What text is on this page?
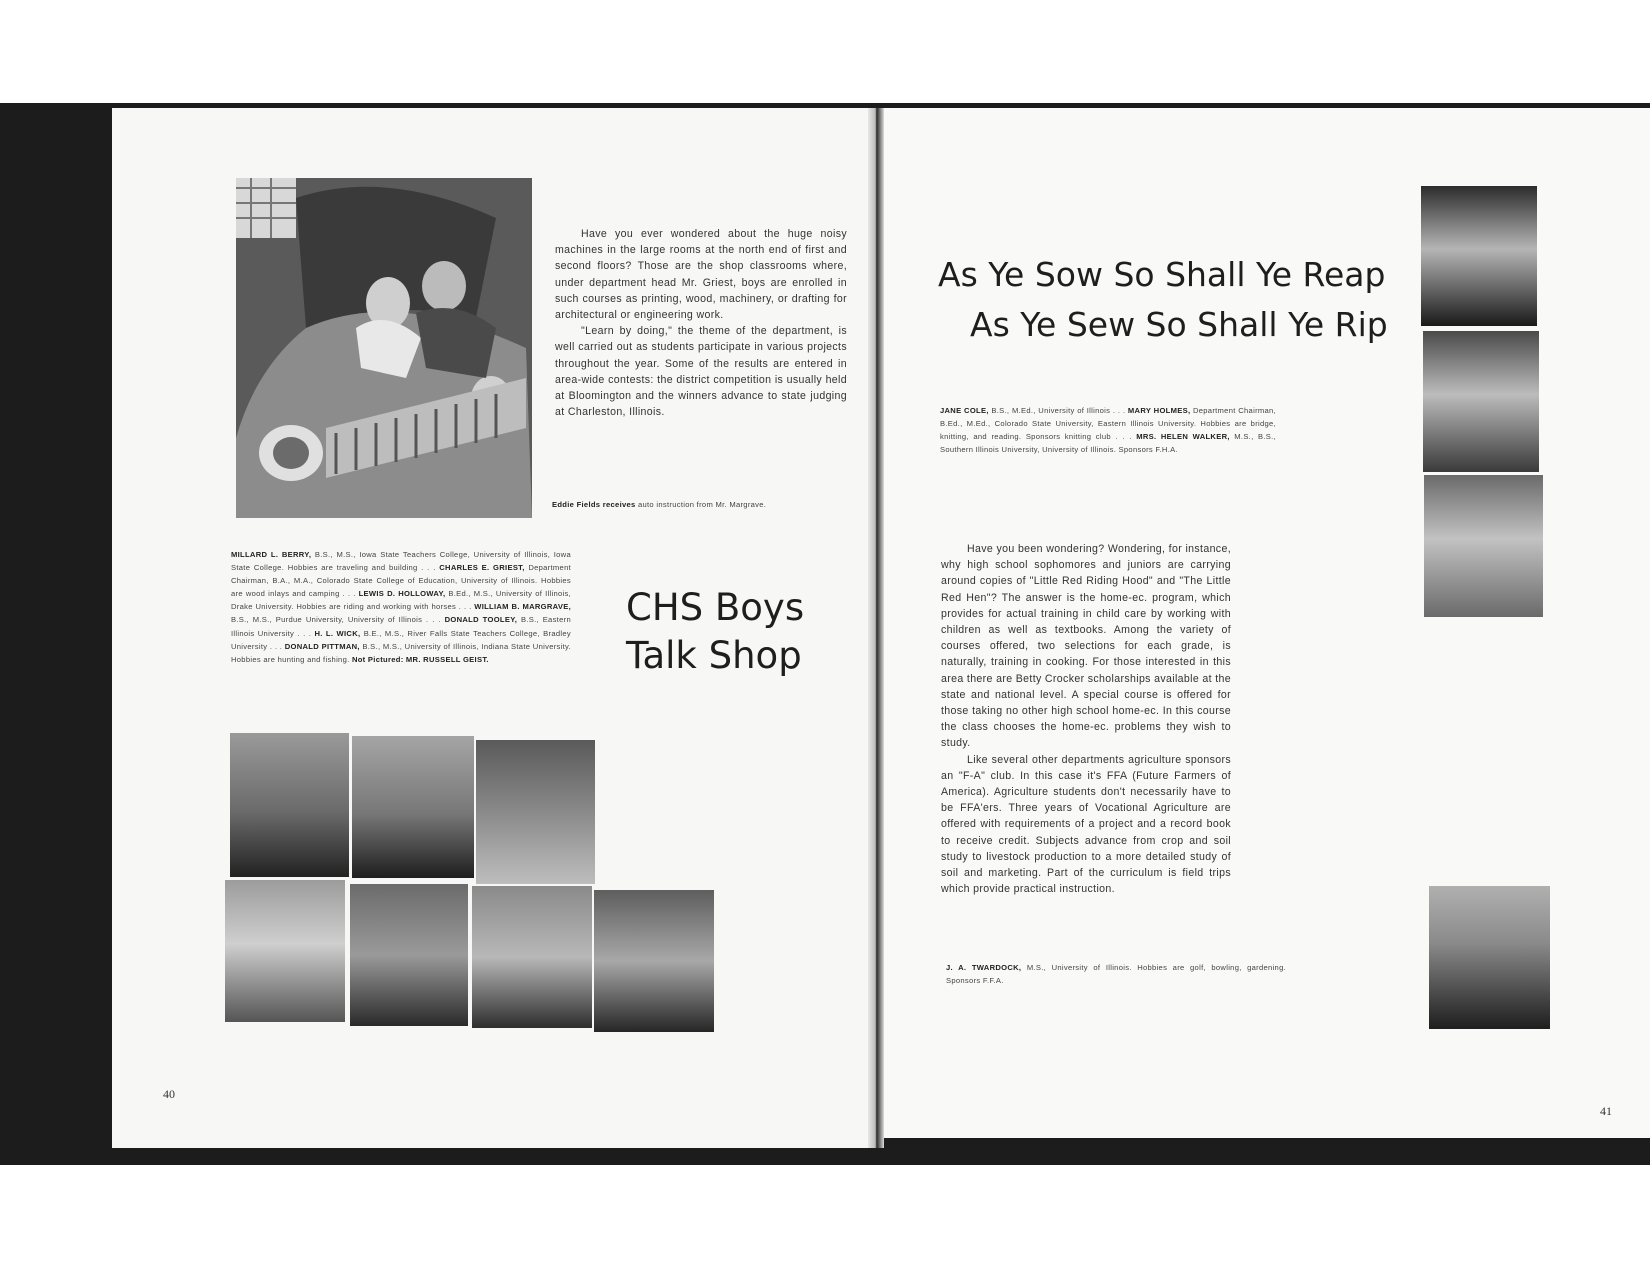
Have you ever wondered about the huge noisy machines in the large rooms at the north end of first and second floors? Those are the shop classrooms where, under department head Mr. Griest, boys are enrolled in such courses as printing, wood, machinery, or drafting for architectural or engineering work.

"Learn by doing," the theme of the department, is well carried out as students participate in various projects throughout the year. Some of the results are entered in area-wide contests: the district competition is usually held at Bloomington and the winners advance to state judging at Charleston, Illinois.

Eddie Fields receives auto instruction from Mr. Margrave.
MILLARD L. BERRY, B.S., M.S., Iowa State Teachers College, University of Illinois, Iowa State College. Hobbies are traveling and building . . . CHARLES E. GRIEST, Department Chairman, B.A., M.A., Colorado State College of Education, University of Illinois. Hobbies are wood inlays and camping . . . LEWIS D. HOLLOWAY, B.Ed., M.S., University of Illinois, Drake University. Hobbies are riding and working with horses . . . WILLIAM B. MARGRAVE, B.S., M.S., Purdue University, University of Illinois . . . DONALD TOOLEY, B.S., Eastern Illinois University . . . H. L. WICK, B.E., M.S., River Falls State Teachers College, Bradley University . . . DONALD PITTMAN, B.S., M.S., University of Illinois, Indiana State University. Hobbies are hunting and fishing. Not Pictured: MR. RUSSELL GEIST.
CHS Boys
Talk Shop
40
As Ye Sow So Shall Ye Reap
As Ye Sew So Shall Ye Rip
JANE COLE, B.S., M.Ed., University of Illinois . . . MARY HOLMES, Department Chairman, B.Ed., M.Ed., Colorado State University, Eastern Illinois University. Hobbies are bridge, knitting, and reading. Sponsors knitting club . . . MRS. HELEN WALKER, M.S., B.S., Southern Illinois University, University of Illinois. Sponsors F.H.A.

Have you been wondering? Wondering, for instance, why high school sophomores and juniors are carrying around copies of "Little Red Riding Hood" and "The Little Red Hen"? The answer is the home-ec. program, which provides for actual training in child care by working with children as well as textbooks. Among the variety of courses offered, two selections for each grade, is naturally, training in cooking. For those interested in this area there are Betty Crocker scholarships available at the state and national level. A special course is offered for those taking no other high school home-ec. In this course the class chooses the home-ec. problems they wish to study.

Like several other departments agriculture sponsors an "F-A" club. In this case it's FFA (Future Farmers of America). Agriculture students don't necessarily have to be FFA'ers. Three years of Vocational Agriculture are offered with requirements of a project and a record book to receive credit. Subjects advance from crop and soil study to livestock production to a more detailed study of soil and marketing. Part of the curriculum is field trips which provide practical instruction.

J. A. TWARDOCK, M.S., University of Illinois. Hobbies are golf, bowling, gardening. Sponsors F.F.A.
41
